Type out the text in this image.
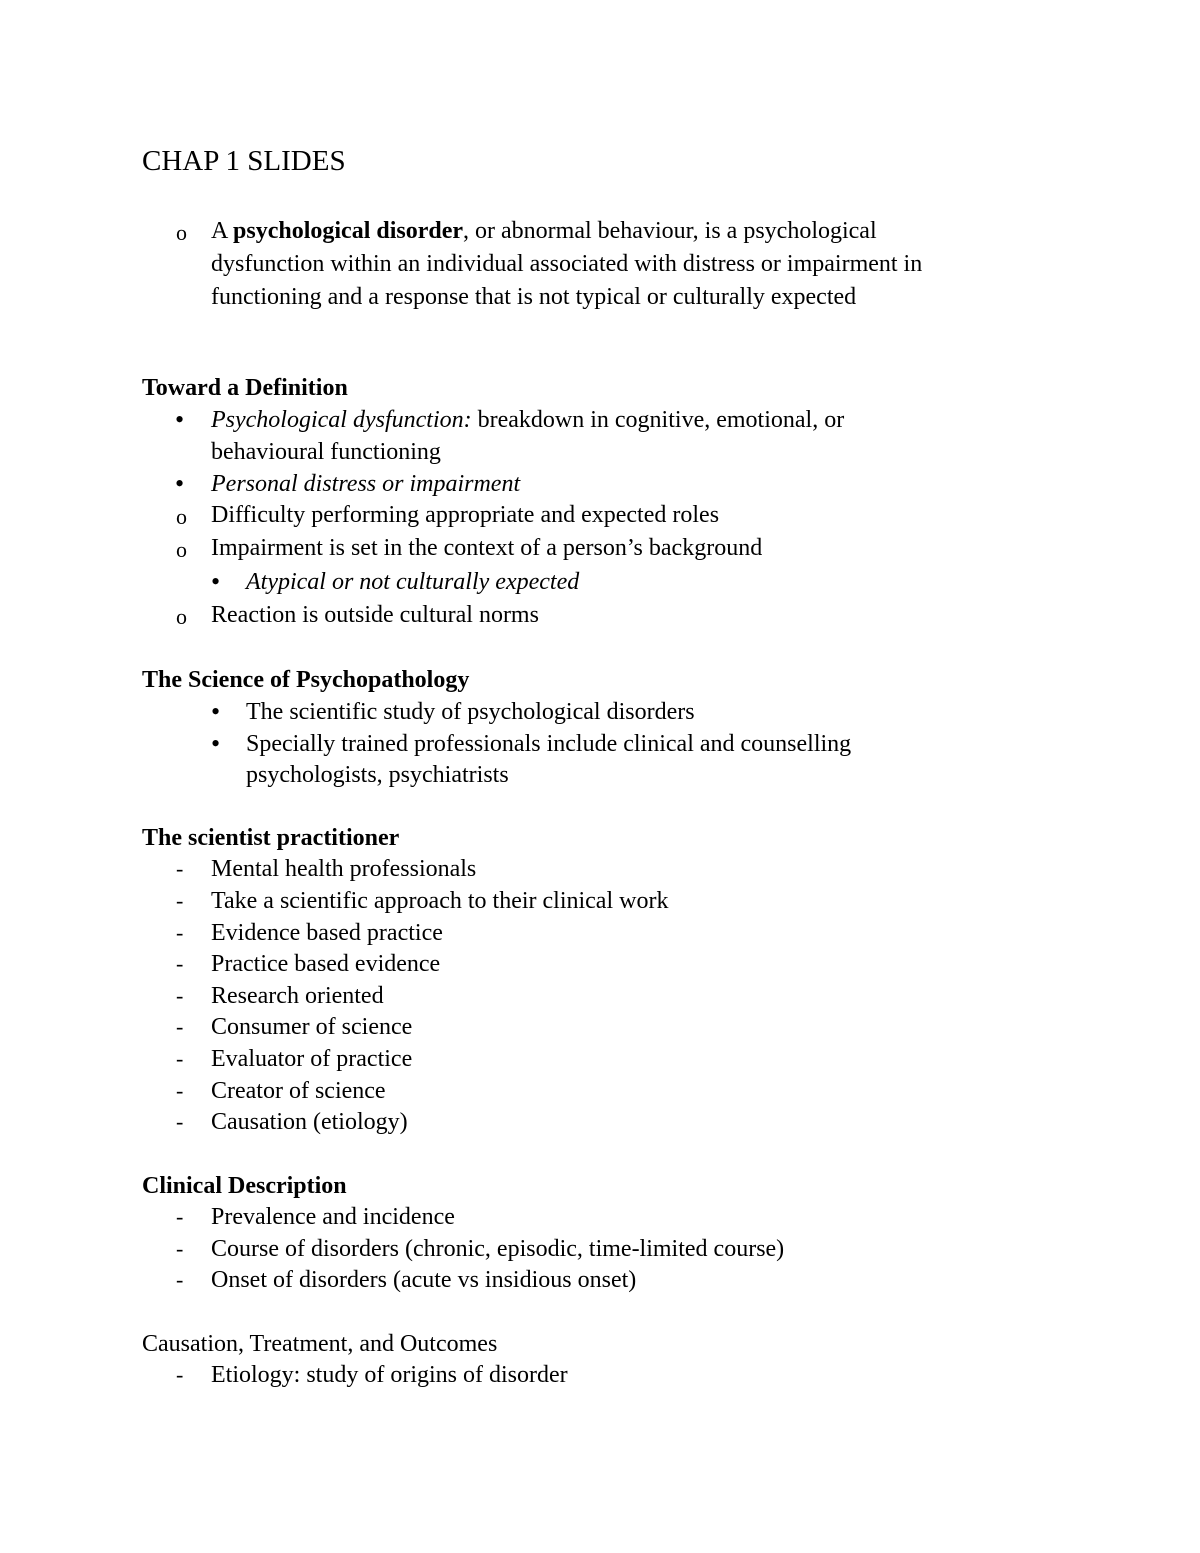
CHAP 1 SLIDES
o A psychological disorder, or abnormal behaviour, is a psychological
dysfunction within an individual associated with distress or impairment in
functioning and a response that is not typical or culturally expected
Toward a Definition
• Psychological dysfunction: breakdown in cognitive, emotional, or
behavioural functioning
• Personal distress or impairment
o Difficulty performing appropriate and expected roles
o Impairment is set in the context of a person’s background
• Atypical or not culturally expected
o Reaction is outside cultural norms
The Science of Psychopathology
• The scientific study of psychological disorders
• Specially trained professionals include clinical and counselling
psychologists, psychiatrists
The scientist practitioner
- Mental health professionals
- Take a scientific approach to their clinical work
- Evidence based practice
- Practice based evidence
- Research oriented
- Consumer of science
- Evaluator of practice
- Creator of science
- Causation (etiology)
Clinical Description
- Prevalence and incidence
- Course of disorders (chronic, episodic, time-limited course)
- Onset of disorders (acute vs insidious onset)
Causation, Treatment, and Outcomes
- Etiology: study of origins of disorder
